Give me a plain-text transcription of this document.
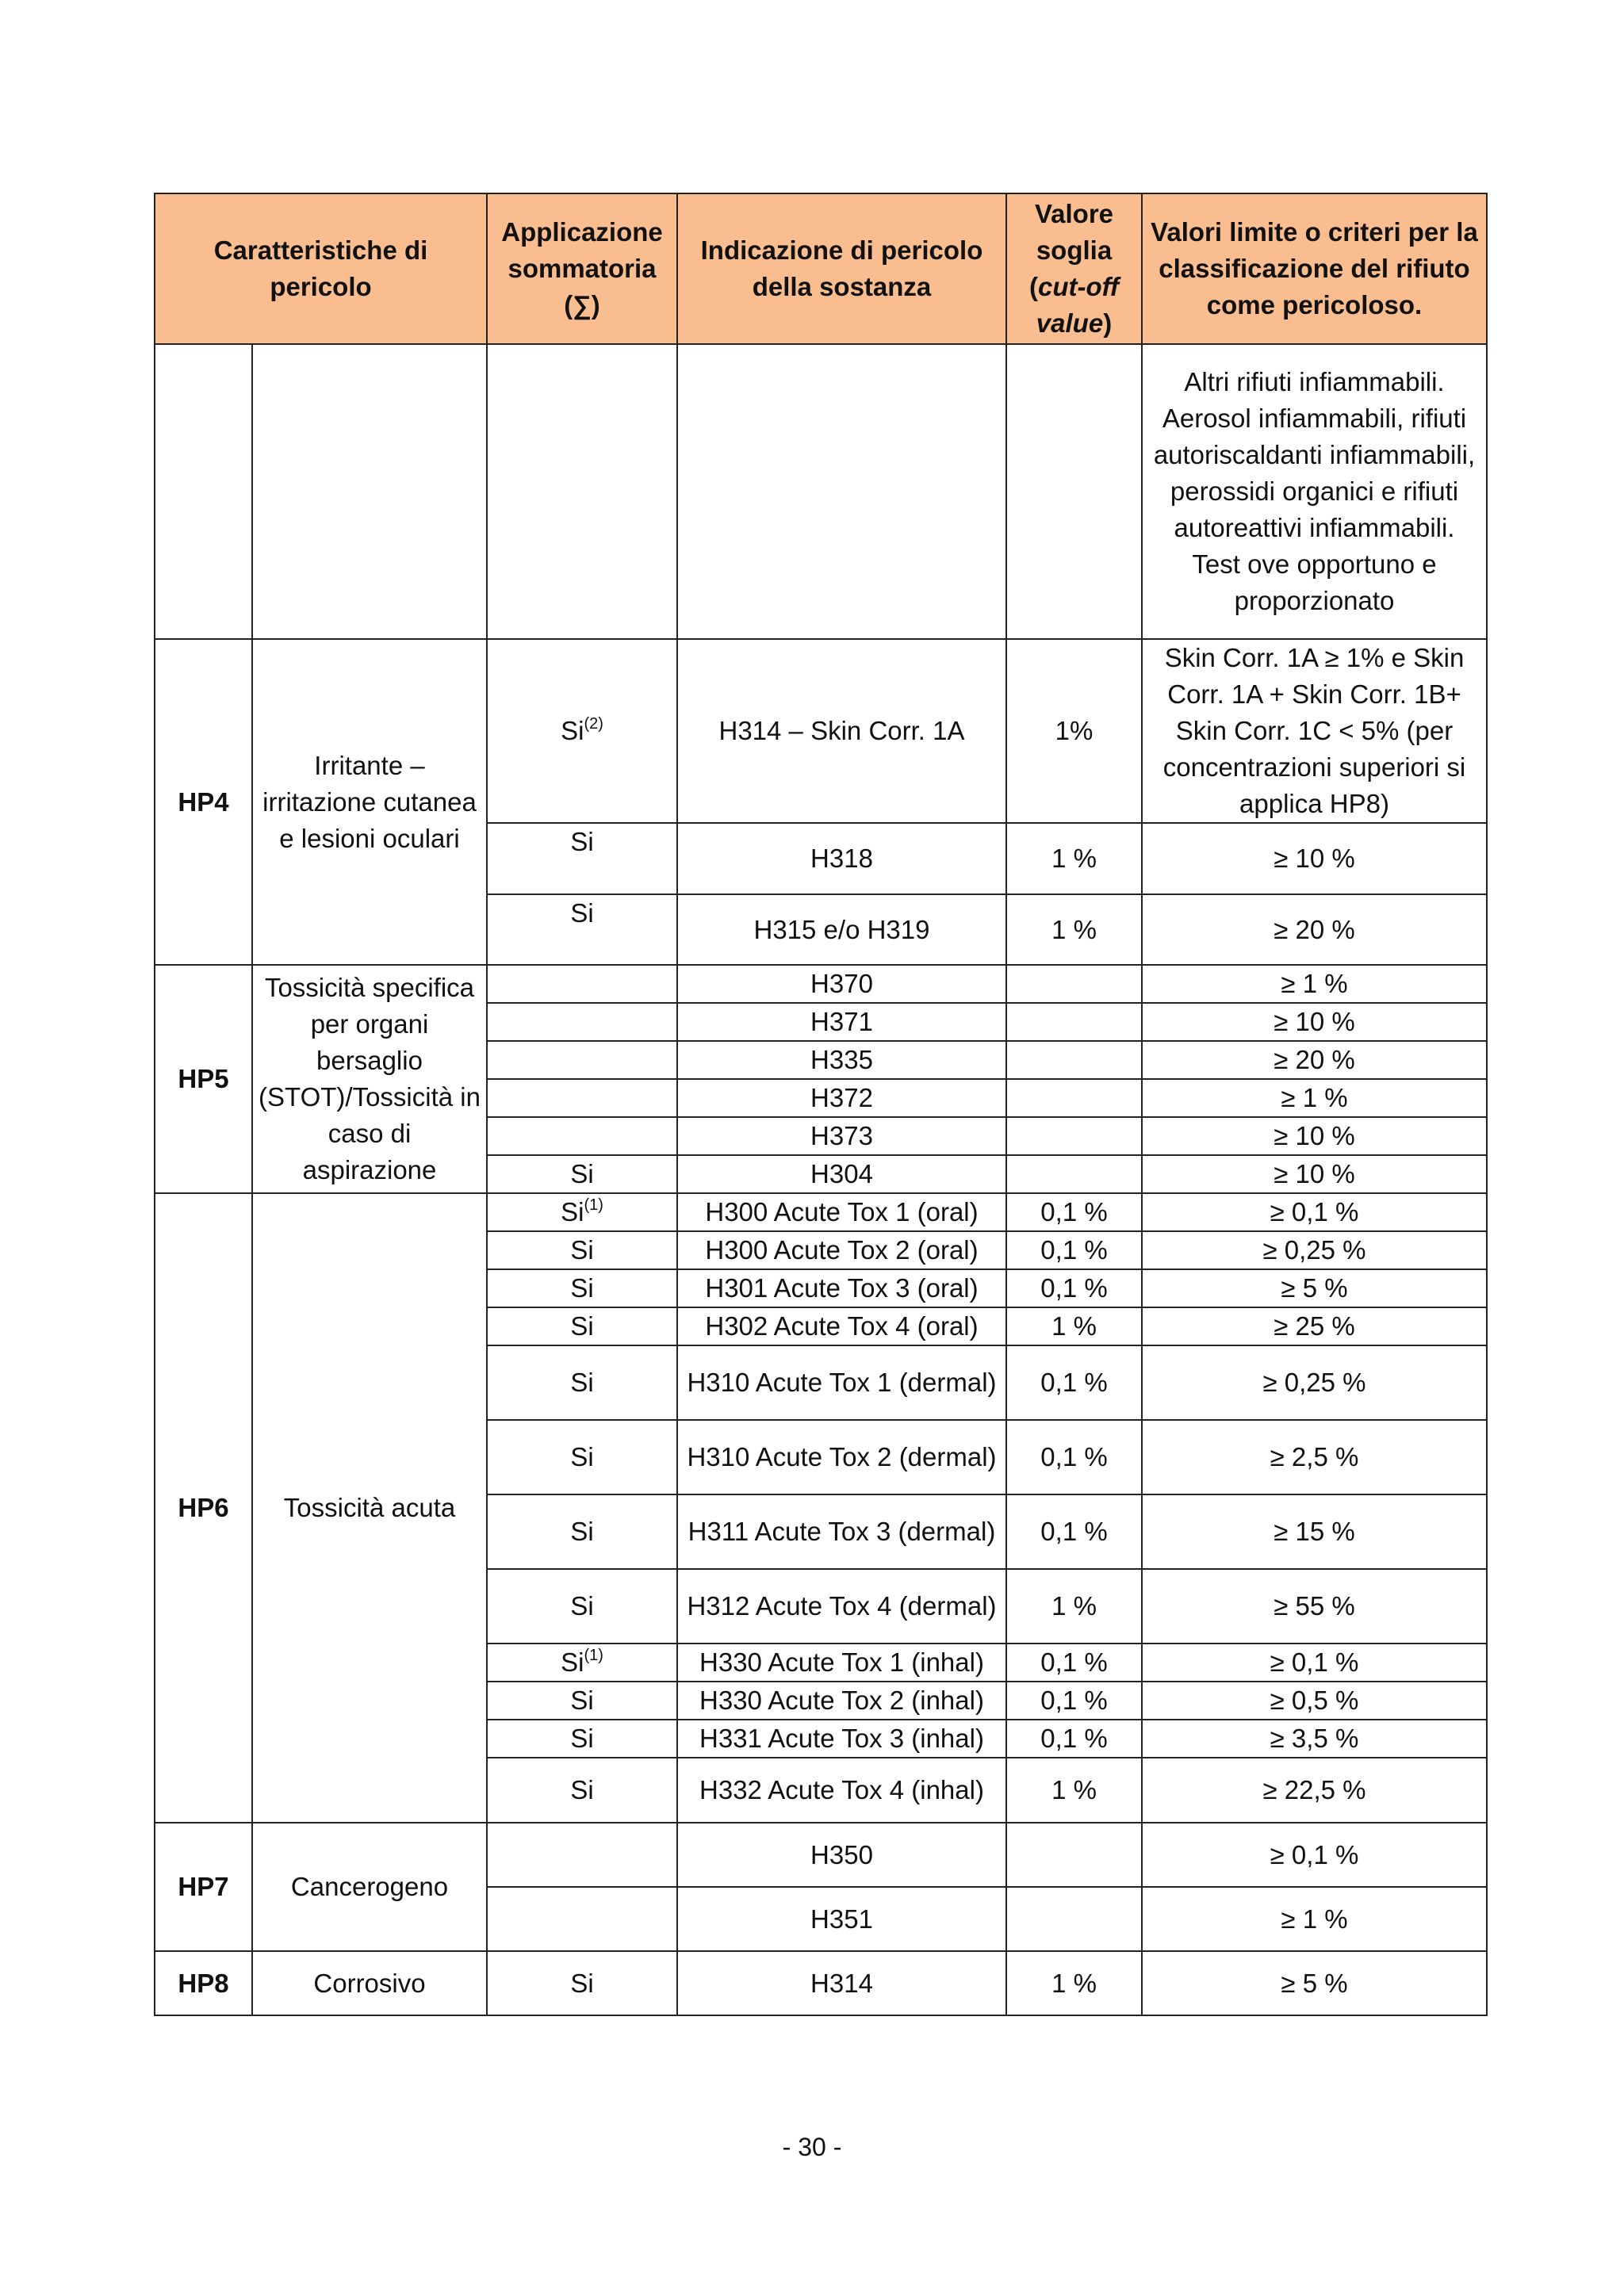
Caratteristiche di pericolo		Applicazione sommatoria (∑)	Indicazione di pericolo della sostanza	Valore soglia (cut-off value)	Valori limite o criteri per la classificazione del rifiuto come pericoloso.
					Altri rifiuti infiammabili. Aerosol infiammabili, rifiuti autoriscaldanti infiammabili, perossidi organici e rifiuti autoreattivi infiammabili. Test ove opportuno e proporzionato
HP4	Irritante – irritazione cutanea e lesioni oculari	Si$^{(2)}$	H314 – Skin Corr. 1A	1%	Skin Corr. 1A ≥ 1% e Skin Corr. 1A + Skin Corr. 1B+ Skin Corr. 1C < 5% (per concentrazioni superiori si applica HP8)
		Si	H318	1 %	≥ 10 %
		Si	H315 e/o H319	1 %	≥ 20 %
HP5	Tossicità specifica per organi bersaglio (STOT)/Tossicità in caso di aspirazione		H370		≥ 1 %
			H371		≥ 10 %
			H335		≥ 20 %
			H372		≥ 1 %
			H373		≥ 10 %
		Si	H304		≥ 10 %
HP6	Tossicità acuta	Si$^{(1)}$	H300 Acute Tox 1 (oral)	0,1 %	≥ 0,1 %
		Si	H300 Acute Tox 2 (oral)	0,1 %	≥ 0,25 %
		Si	H301 Acute Tox 3 (oral)	0,1 %	≥ 5 %
		Si	H302 Acute Tox 4 (oral)	1 %	≥ 25 %
		Si	H310 Acute Tox 1 (dermal)	0,1 %	≥ 0,25 %
		Si	H310 Acute Tox 2 (dermal)	0,1 %	≥ 2,5 %
		Si	H311 Acute Tox 3 (dermal)	0,1 %	≥ 15 %
		Si	H312 Acute Tox 4 (dermal)	1 %	≥ 55 %
		Si$^{(1)}$	H330 Acute Tox 1 (inhal)	0,1 %	≥ 0,1 %
		Si	H330 Acute Tox 2 (inhal)	0,1 %	≥ 0,5 %
		Si	H331 Acute Tox 3 (inhal)	0,1 %	≥ 3,5 %
		Si	H332 Acute Tox 4 (inhal)	1 %	≥ 22,5 %
HP7	Cancerogeno		H350		≥ 0,1 %
			H351		≥ 1 %
HP8	Corrosivo	Si	H314	1 %	≥ 5 %
- 30 -
